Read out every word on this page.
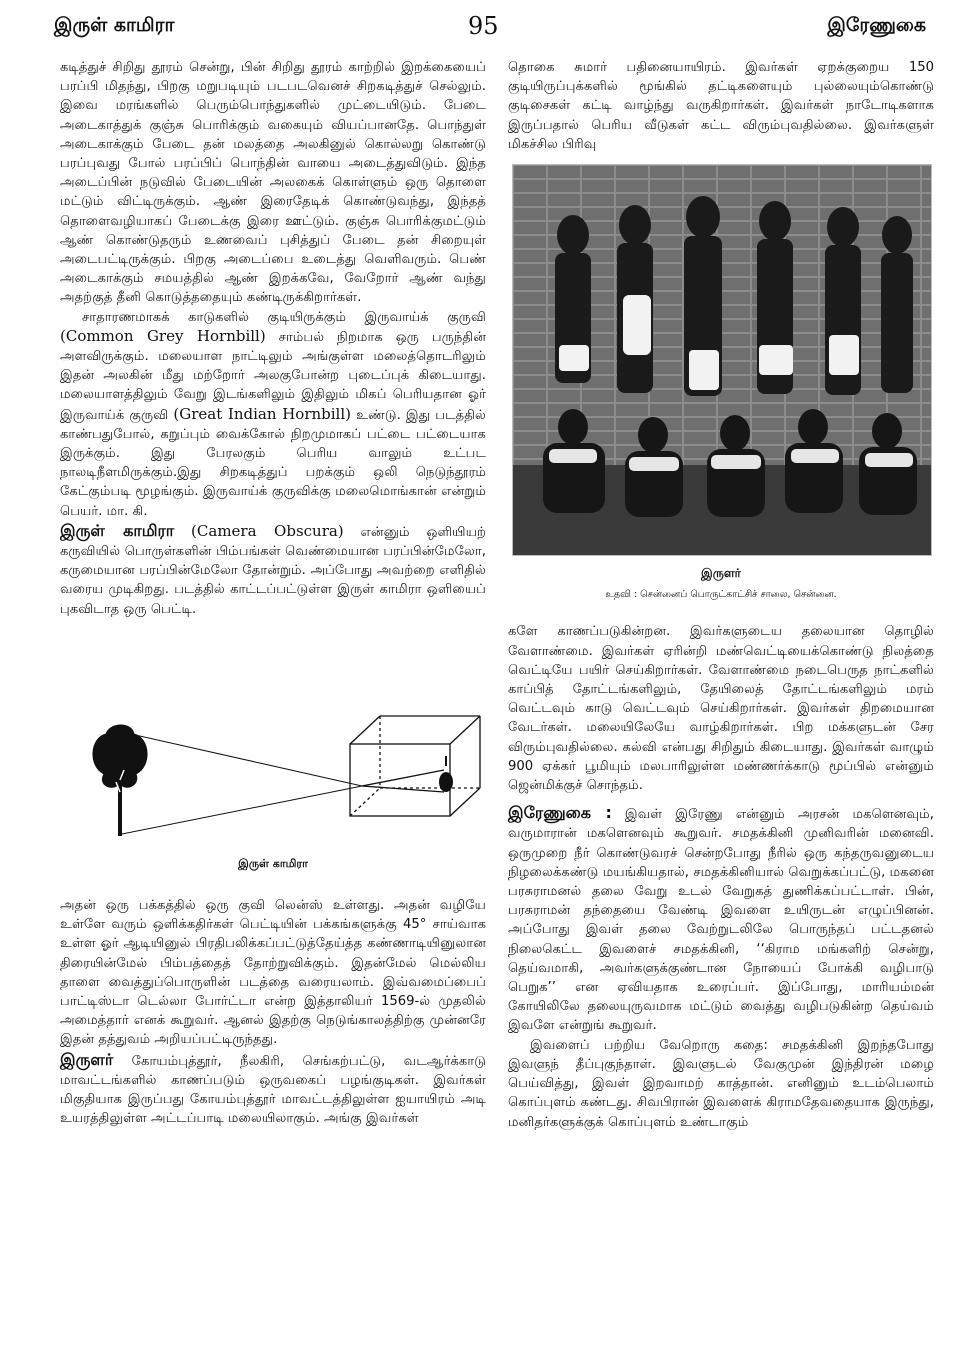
இருள் காமிரா	95	இரேணுகை

கடித்துச் சிறிது தூரம் சென்று, பின் சிறிது தூரம் காற்றில் இறக்கையைப் பரப்பி மிதந்து, பிறகு மறுபடியும் படபடவெனச் சிறகடித்துச் செல்லும். இவை மரங்களில் பெரும்பொந்துகளில் முட்டையிடும். பேடை அடைகாத்துக் குஞ்சு பொரிக்கும் வகையும் வியப்பானதே. பொந்துள் அடைகாக்கும் பேடை தன் மலத்தை அலகினுல் கொல்லறு கொண்டு பரப்புவது போல் பரப்பிப் பொந்தின் வாயை அடைத்துவிடும். இந்த அடைப்பின் நடுவில் பேடையின் அலகைக் கொள்ளும் ஒரு தொளை மட்டும் விட்டிருக்கும். ஆண் இரைதேடிக் கொண்டுவந்து, இந்தத் தொளைவழியாகப் பேடைக்கு இரை ஊட்டும். குஞ்சு பொரிக்குமட்டும் ஆண் கொண்டுதரும் உணவைப் புசித்துப் பேடை தன் சிறையுள் அடைபட்டிருக்கும். பிறகு அடைப்பை உடைத்து வெளிவரும். பெண் அடைகாக்கும் சமயத்தில் ஆண் இறக்கவே, வேறோர் ஆண் வந்து அதற்குத் தீனி கொடுத்ததையும் கண்டிருக்கிறார்கள்.

சாதாரணமாகக் காடுகளில் குடியிருக்கும் இருவாய்க் குருவி (Common Grey Hornbill) சாம்பல் நிறமாக ஒரு பருந்தின் அளவிருக்கும். மலையாள நாட்டிலும் அங்குள்ள மலைத்தொடரிலும் இதன் அலகின் மீது மற்றோர் அலகுபோன்ற புடைப்புக் கிடையாது. மலையாளத்திலும் வேறு இடங்களிலும் இதிலும் மிகப் பெரியதான ஓர் இருவாய்க் குருவி (Great Indian Hornbill) உண்டு. இது படத்தில் காண்பதுபோல், கறுப்பும் வைக்கோல் நிறமுமாகப் பட்டை பட்டையாக இருக்கும். இது பேரலகும் பெரிய வாலும் உட்பட நாலடிநீளமிருக்கும்.இது சிறகடித்துப் பறக்கும் ஒலி நெடுந்தூரம் கேட்கும்படி மூழங்கும். இருவாய்க் குருவிக்கு மலைமொங்கான் என்றும் பெயர். மா. கி.

இருள் காமிரா (Camera Obscura) என்னும் ஒளியியற் கருவியில் பொருள்களின் பிம்பங்கள் வெண்மையான பரப்பின்மேலோ, கருமையான பரப்பின்மேலோ தோன்றும். அப்போது அவற்றை எளிதில் வரைய முடிகிறது. படத்தில் காட்டப்பட்டுள்ள இருள் காமிரா ஒளியைப் புகவிடாத ஒரு பெட்டி.

இருள் காமிரா

அதன் ஒரு பக்கத்தில் ஒரு குவி லென்ஸ் உள்ளது. அதன் வழியே உள்ளே வரும் ஒளிக்கதிர்கள் பெட்டியின் பக்கங்களுக்கு 45° சாய்வாக உள்ள ஓர் ஆடியினுல் பிரதிபலிக்கப்பட்டுத்தேய்த்த கண்ணாடியினுலான திரையின்மேல் பிம்பத்தைத் தோற்றுவிக்கும். இதன்மேல் மெல்லிய தாளை வைத்துப்பொருளின் படத்தை வரையலாம். இவ்வமைப்பைப் பாட்டிஸ்டா டெல்லா போர்ட்டா என்ற இத்தாலியர் 1569-ல் முதலில் அமைத்தார் எனக் கூறுவர். ஆனல் இதற்கு நெடுங்காலத்திற்கு முன்னரே இதன் தத்துவம் அறியப்பட்டிருந்தது.

இருளர் கோயம்புத்தூர், நீலகிரி, செங்கற்பட்டு, வடஆர்க்காடு மாவட்டங்களில் காணப்படும் ஒருவகைப் பழங்குடிகள். இவர்கள் மிகுதியாக இருப்பது கோயம்புத்தூர் மாவட்டத்திலுள்ள ஐயாயிரம் அடி உயரத்திலுள்ள அட்டப்பாடி மலையிலாகும். அங்கு இவர்கள்

தொகை சுமார் பதினையாயிரம். இவர்கள் ஏறக்குறைய 150 குடியிருப்புக்களில் மூங்கில் தட்டிகளையும் புல்லையும்கொண்டு குடிசைகள் கட்டி வாழ்ந்து வருகிறார்கள். இவர்கள் நாடோடிகளாக இருப்பதால் பெரிய வீடுகள் கட்ட விரும்புவதில்லை. இவர்களுள் மிகச்சில பிரிவு

இருளர்
உதவி : சென்னைப் பொருட்காட்சிச் சாலை, சென்னை.

களே காணப்படுகின்றன. இவர்களுடைய தலையான தொழில் வேளாண்மை. இவர்கள் ஏரின்றி மண்வெட்டியைக்கொண்டு நிலத்தை வெட்டியே பயிர் செய்கிறார்கள். வேளாண்மை நடைபெருத நாட்களில் காப்பித் தோட்டங்களிலும், தேயிலைத் தோட்டங்களிலும் மரம் வெட்டவும் காடு வெட்டவும் செய்கிறார்கள். இவர்கள் திறமையான வேடர்கள். மலையிலேயே வாழ்கிறார்கள். பிற மக்களுடன் சேர விரும்புவதில்லை. கல்வி என்பது சிறிதும் கிடையாது. இவர்கள் வாழும் 900 ஏக்கர் பூமியும் மலபாரிலுள்ள மண்ணர்க்காடு மூப்பில் என்னும் ஜென்மிக்குச் சொந்தம்.

இரேணுகை : இவள் இரேணு என்னும் அரசன் மகளெனவும், வருமாரான் மகளெனவும் கூறுவர். சமதக்கினி முனிவரின் மனைவி. ஒருமுறை நீர் கொண்டுவரச் சென்றபோது நீரில் ஒரு கந்தருவனுடைய நிழலைக்கண்டு மயங்கியதால், சமதக்கினியால் வெறுக்கப்பட்டு, மகனை பரசுராமனல் தலை வேறு உடல் வேறுகத் துணிக்கப்பட்டாள். பின், பரசுராமன் தந்தையை வேண்டி இவளை உயிருடன் எழுப்பினன். அப்போது இவள் தலை வேற்றுடலிலே பொருந்தப் பட்டதனல் நிலைகெட்ட இவளைச் சமதக்கினி, ‘‘கிராம மங்களிற் சென்று, தெய்வமாகி, அவர்களுக்குண்டான நோயைப் போக்கி வழிபாடு பெறுக’’ என ஏவியதாக உரைப்பர். இப்போது, மாரியம்மன் கோயிலிலே தலையுருவமாக மட்டும் வைத்து வழிபடுகின்ற தெய்வம் இவளே என்றுங் கூறுவர்.

இவளைப் பற்றிய வேறொரு கதை: சமதக்கினி இறந்தபோது இவளுந் தீப்புகுந்தாள். இவளுடல் வேகுமுன் இந்திரன் மழை பெய்வித்து, இவள் இறவாமற் காத்தான். எனினும் உடம்பெலாம் கொப்புளம் கண்டது. சிவபிரான் இவளைக் கிராமதேவதையாக இருந்து, மனிதர்களுக்குக் கொப்புளம் உண்டாகும்
